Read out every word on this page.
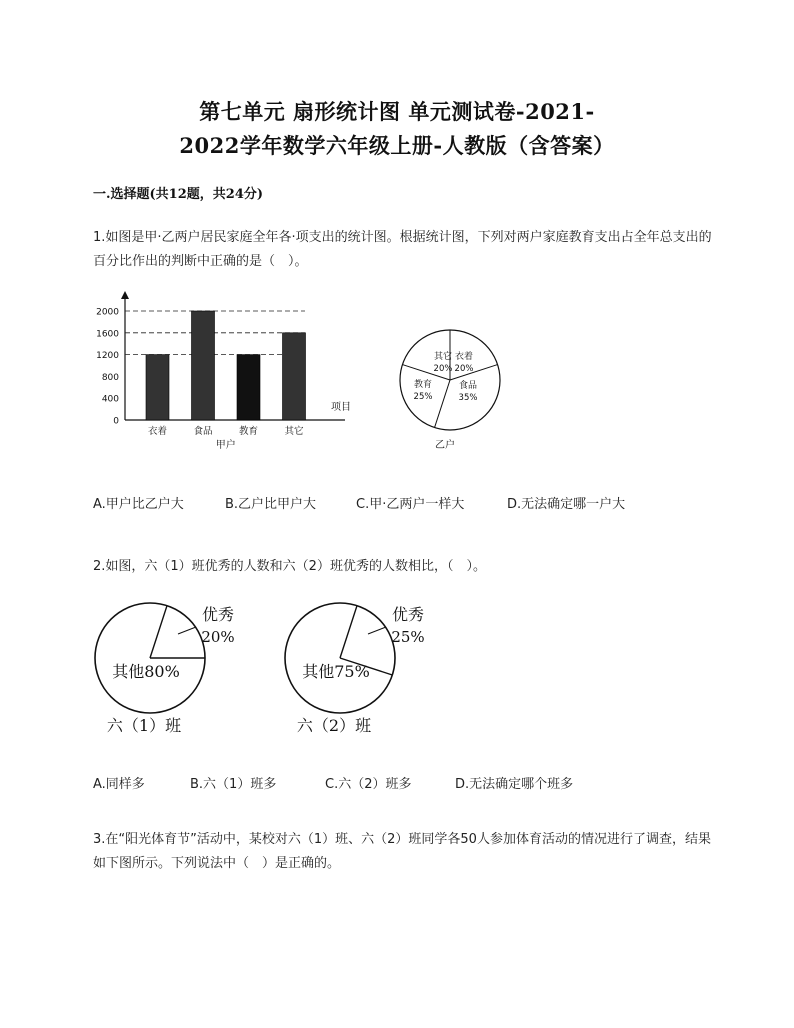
第七单元 扇形统计图 单元测试卷-2021-
2022学年数学六年级上册-人教版（含答案）
一.选择题(共12题，共24分)
1.如图是甲·乙两户居民家庭全年各·项支出的统计图。根据统计图，下列对两户家庭教育支出占全年总支出的百分比作出的判断中正确的是（　）。
0
400
800
1200
1600
2000
项目
甲户
衣着	食品	教育	其它
其它
20%
衣着
20%
食品
35%
教育
25%
乙户
A.甲户比乙户大	B.乙户比甲户大	C.甲·乙两户一样大	D.无法确定哪一户大
2.如图，六（1）班优秀的人数和六（2）班优秀的人数相比，（　）。
优秀
20%
其他80%
六（1）班
优秀
25%
其他75%
六（2）班
A.同样多	B.六（1）班多	C.六（2）班多	D.无法确定哪个班多
3.在“阳光体育节”活动中，某校对六（1）班、六（2）班同学各50人参加体育活动的情况进行了调查，结果如下图所示。下列说法中（　）是正确的。
